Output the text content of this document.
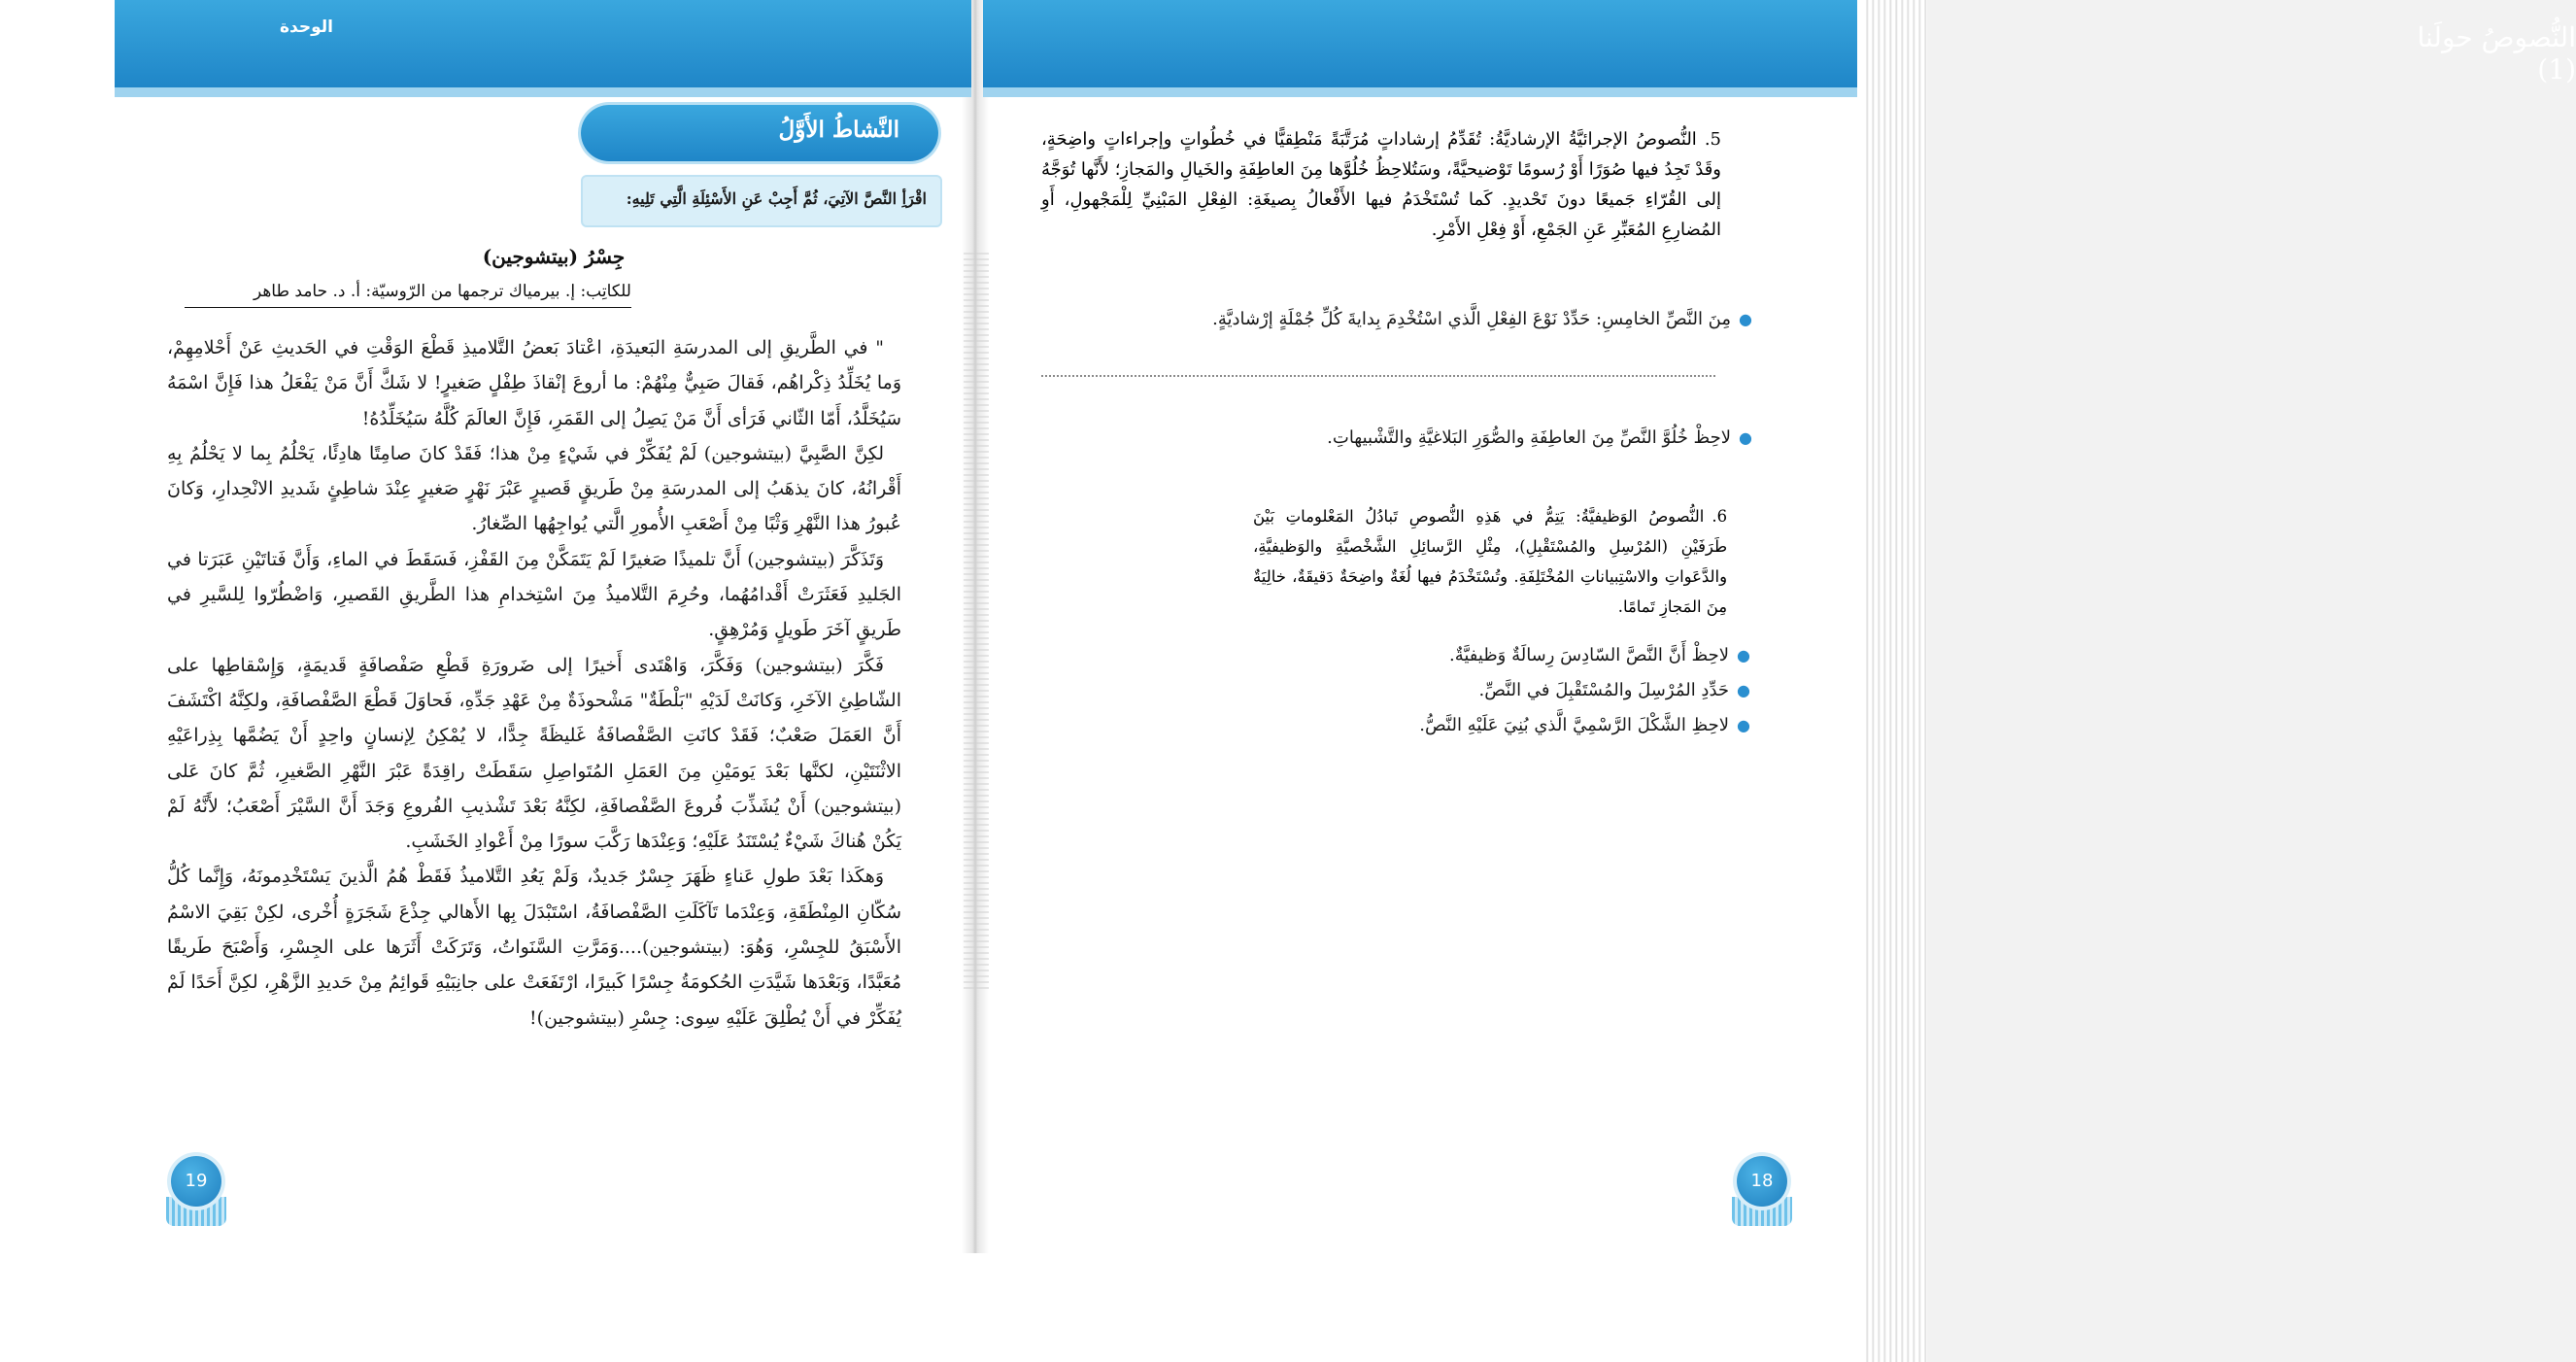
الوحدة	النُّصوصُ حولَنا (1)
النَّشاطُ الأَوَّلُ
اقْرَأِ النَّصَّ الآتِيَ، ثُمَّ أَجِبْ عَنِ الأَسْئِلَةِ الَّتِي تَلِيهِ:
جِسْرُ (بيتشوجين)
للكاتِب: إ. بيرمياك ترجمها من الرّوسيّة: أ. د. حامد طاهر

" في الطَّريقِ إلى المدرسَةِ البَعيدَةِ، اعْتادَ بَعضُ التَّلاميذِ قَطْعَ الوَقْتِ في الحَديثِ عَنْ أَحْلامِهِمْ، وَما يُخَلِّدُ ذِكْراهُم، فَقالَ صَبِيٌّ مِنْهُمْ: ما أروعَ إنْقاذَ طِفْلٍ صَغيرٍ! لا شَكَّ أَنَّ مَنْ يَفْعَلُ هذا فَإِنَّ اسْمَهُ سَيُخَلَّدُ، أَمّا الثّاني فَرَأى أَنَّ مَنْ يَصِلُ إلى القَمَرِ، فَإِنَّ العالَمَ كُلَّهُ سَيُخَلِّدُهُ!

لكِنَّ الصَّبِيَّ (بيتشوجين) لَمْ يُفَكِّرْ في شَيْءٍ مِنْ هذا؛ فَقَدْ كانَ صامِتًا هادِئًا، يَحْلُمُ بِما لا يَحْلُمُ بِهِ أَقْرانُهُ، كانَ يذهَبُ إلى المدرسَةِ مِنْ طَريقٍ قَصيرٍ عَبْرَ نَهْرٍ صَغيرٍ عِنْدَ شاطِئٍ شَديدِ الانْحِدارِ، وَكانَ عُبورُ هذا النَّهْرِ وَثْبًا مِنْ أَصْعَبِ الأُمورِ الَّتي يُواجِهُها الصِّغارُ.

وَتَذَكَّرَ (بيتشوجين) أَنَّ تلميذًا صَغيرًا لَمْ يَتَمَكَّنْ مِنَ القَفْزِ، فَسَقَطَ في الماءِ، وَأَنَّ فَتاتَيْنِ عَبَرَتا في الجَليدِ فَعَثَرَتْ أَقْدامُهُما، وحُرِمَ التَّلاميذُ مِنَ اسْتِخدامِ هذا الطَّريقِ القَصيرِ، وَاضْطُرّوا لِلسَّيرِ في طَريقٍ آخَرَ طَويلٍ وَمُرْهِقٍ.

فَكَّرَ (بيتشوجين) وَفَكَّرَ، وَاهْتَدى أَخيرًا إلى ضَرورَةِ قَطْعِ صَفْصافَةٍ قَديمَةٍ، وَإِسْقاطِها على الشّاطِئِ الآخَرِ، وَكانَتْ لَدَيْهِ "بَلْطَةٌ" مَشْحوذَةٌ مِنْ عَهْدِ جَدِّهِ، فَحاوَلَ قَطْعَ الصَّفْصافَةِ، ولكِنَّهُ اكْتَشَفَ أَنَّ العَمَلَ صَعْبٌ؛ فَقَدْ كانَتِ الصَّفْصافَةُ غَليظَةً جِدًّا، لا يُمْكِنُ لِإنسانٍ واحِدٍ أَنْ يَضُمَّها بِذِراعَيْهِ الاثْنَتَيْنِ، لكنَّها بَعْدَ يَومَيْنِ مِنَ العَمَلِ المُتَواصِلِ سَقَطَتْ راقِدَةً عَبْرَ النَّهْرِ الصَّغيرِ، ثُمَّ كانَ عَلى (بيتشوجين) أَنْ يُشَذِّبَ فُروعَ الصَّفْصافَةِ، لكِنَّهُ بَعْدَ تَشْذيبِ الفُروعِ وَجَدَ أَنَّ السَّيْرَ أَصْعَبُ؛ لأَنَّهُ لَمْ يَكُنْ هُناكَ شَيْءٌ يُسْتَنَدُ عَلَيْهِ؛ وَعِنْدَها رَكَّبَ سورًا مِنْ أَعْوادِ الخَشَبِ.

وَهكَذا بَعْدَ طولِ عَناءٍ ظَهَرَ جِسْرٌ جَديدٌ، وَلَمْ يَعُدِ التَّلاميذُ فَقَطْ هُمُ الَّذينَ يَسْتَخْدِمونَهُ، وَإِنَّما كُلُّ سُكّانِ المِنْطَقَةِ، وَعِنْدَما تَآكَلَتِ الصَّفْصافَةُ، اسْتَبْدَلَ بِها الأَهالي جِذْعَ شَجَرَةٍ أُخْرى، لكِنْ بَقِيَ الاسْمُ الأَسْبَقُ للجِسْرِ، وَهُوَ: (بيتشوجين)....وَمَرَّتِ السَّنَواتُ، وَتَرَكَتْ أَثَرَها على الجِسْرِ، وَأَصْبَحَ طَريقًا مُعَبَّدًا، وَبَعْدَها شَيَّدَتِ الحُكومَةُ جِسْرًا كَبيرًا، ارْتَفَعَتْ على جانِبَيْهِ قَوائِمُ مِنْ حَديدِ الزَّهْرِ، لكِنَّ أَحَدًا لَمْ يُفَكِّرْ في أَنْ يُطْلِقَ عَلَيْهِ سِوى: جِسْرِ (بيتشوجين)!

5.النُّصوصُ الإجرائيَّةُ الإرشاديَّةُ: تُقَدِّمُ إرشاداتٍ مُرَتَّبَةً مَنْطِقيًّا في خُطُواتٍ وإجراءاتٍ واضِحَةٍ، وقَدْ تَجِدُ فيها صُوَرًا أَوْ رُسومًا تَوْضيحيَّةً، وسَتُلاحِظُ خُلُوَّها مِنَ العاطِفَةِ والخَيالِ والمَجازِ؛ لأَنَّها تُوَجَّهُ إلى القُرّاءِ جَميعًا دونَ تَحْديدٍ. كَما تُسْتَخْدَمُ فيها الأَفْعالُ بِصيغَةِ: الفِعْلِ المَبْنِيِّ لِلْمَجْهولِ، أَوِ المُضارِعِ المُعَبِّرِ عَنِ الجَمْعِ، أَوْ فِعْلِ الأَمْرِ.
●مِنَ النَّصِّ الخامِسِ: حَدِّدْ نَوْعَ الفِعْلِ الَّذي اسْتُخْدِمَ بِدايةَ كُلِّ جُمْلَةٍ إرْشاديَّةٍ.
●لاحِظْ خُلُوَّ النَّصِّ مِنَ العاطِفَةِ والصُّوَرِ البَلاغيَّةِ والتَّشْبيهاتِ.
6.النُّصوصُ الوَظيفيَّةُ: يَتِمُّ في هَذِهِ النُّصوصِ تَبادُلُ المَعْلوماتِ بَيْنَ طَرَفَيْنِ (المُرْسِلِ والمُسْتَقْبِلِ)، مِثْلِ الرَّسائِلِ الشَّخْصيَّةِ والوَظيفيَّةِ، والدَّعَواتِ والاسْتِبياناتِ المُخْتَلِفَةِ. وتُسْتَخْدَمُ فيها لُغَةٌ واضِحَةٌ دَقيقَةٌ، خالِيَةٌ مِنَ المَجازِ تَمامًا.
●لاحِظْ أَنَّ النَّصَّ السّادِسَ رِسالَةٌ وَظيفيَّةٌ.
●حَدِّدِ المُرْسِلَ والمُسْتَقْبِلَ في النَّصِّ.
●لاحِظِ الشَّكْلَ الرَّسْمِيَّ الَّذي بُنِيَ عَلَيْهِ النَّصُّ.
19	18
